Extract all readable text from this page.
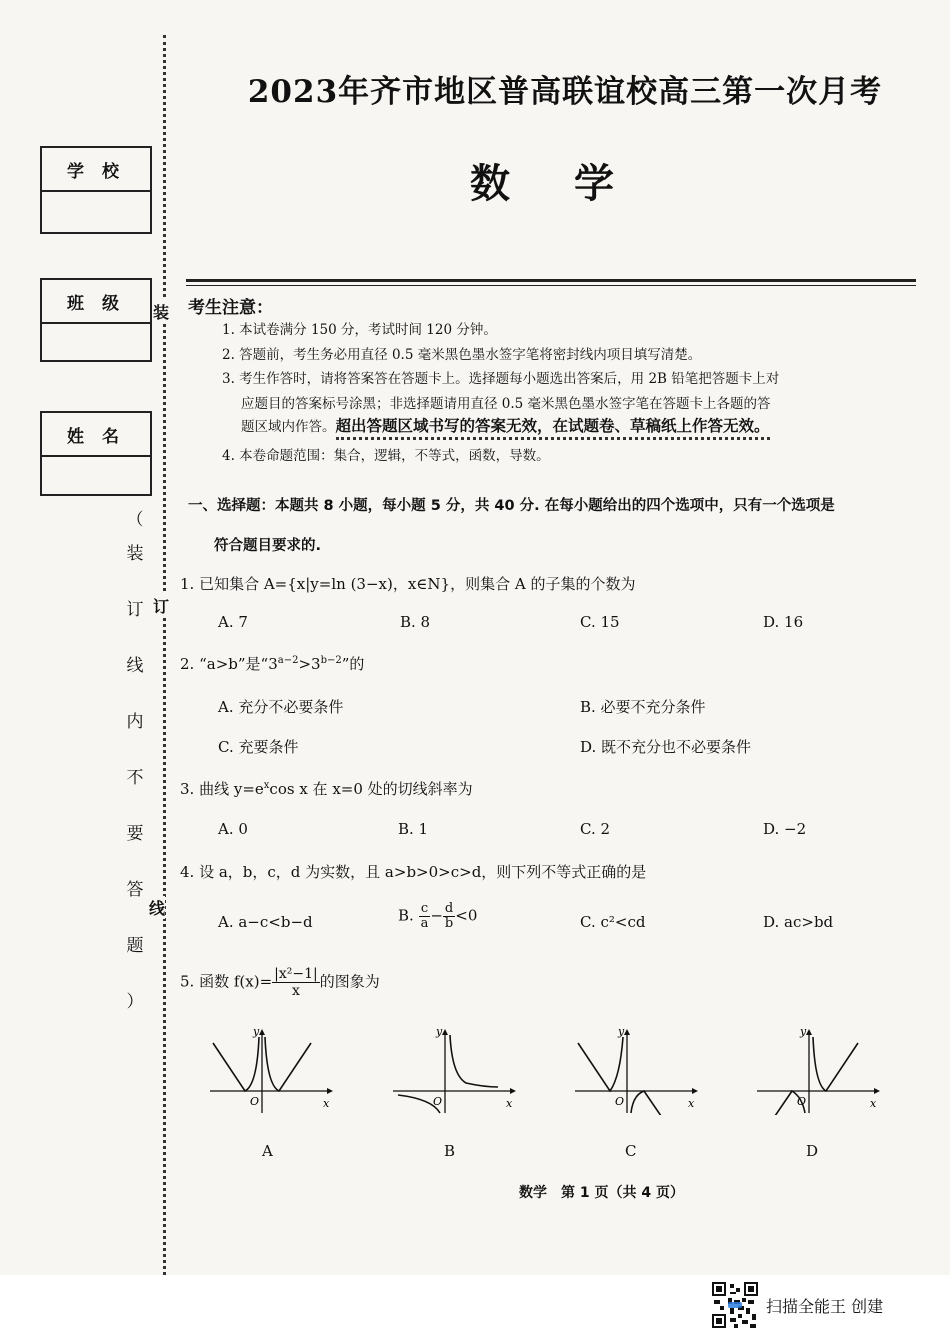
学 校
班 级
姓 名
装
订
线
（
装
订
线
内
不
要
答
题
）
2023年齐市地区普高联谊校高三第一次月考
数学
考生注意：
1. 本试卷满分 150 分，考试时间 120 分钟。
2. 答题前，考生务必用直径 0.5 毫米黑色墨水签字笔将密封线内项目填写清楚。
3. 考生作答时，请将答案答在答题卡上。选择题每小题选出答案后，用 2B 铅笔把答题卡上对
应题目的答案标号涂黑；非选择题请用直径 0.5 毫米黑色墨水签字笔在答题卡上各题的答
题区域内作答。超出答题区域书写的答案无效，在试题卷、草稿纸上作答无效。
4. 本卷命题范围：集合，逻辑，不等式，函数，导数。
一、选择题：本题共 8 小题，每小题 5 分，共 40 分. 在每小题给出的四个选项中，只有一个选项是
符合题目要求的.
1. 已知集合 A={x|y=ln (3−x)，x∈N}，则集合 A 的子集的个数为
A. 7	B. 8	C. 15	D. 16
2. “a>b”是“$3^{a-2}>3^{b-2}$”的
A. 充分不必要条件	B. 必要不充分条件
C. 充要条件	D. 既不充分也不必要条件
3. 曲线 $y=e^x\cos$ x 在 x=0 处的切线斜率为
A. 0	B. 1	C. 2	D. −2
4. 设 a，b，c，d 为实数，且 a>b>0>c>d，则下列不等式正确的是
A. a−c<b−d	B. $\frac{c}{a} - \frac{d}{b} <0$	C. c²<cd	D. ac>bd
5. 函数 $f(x)= \frac{\text{|x²−1|}}{x}$ 的图象为
y
x
O
y
x
O
y
x
O
y
x
O
A	B	C	D
数学　第 1 页（共 4 页）
扫描全能王 创建
